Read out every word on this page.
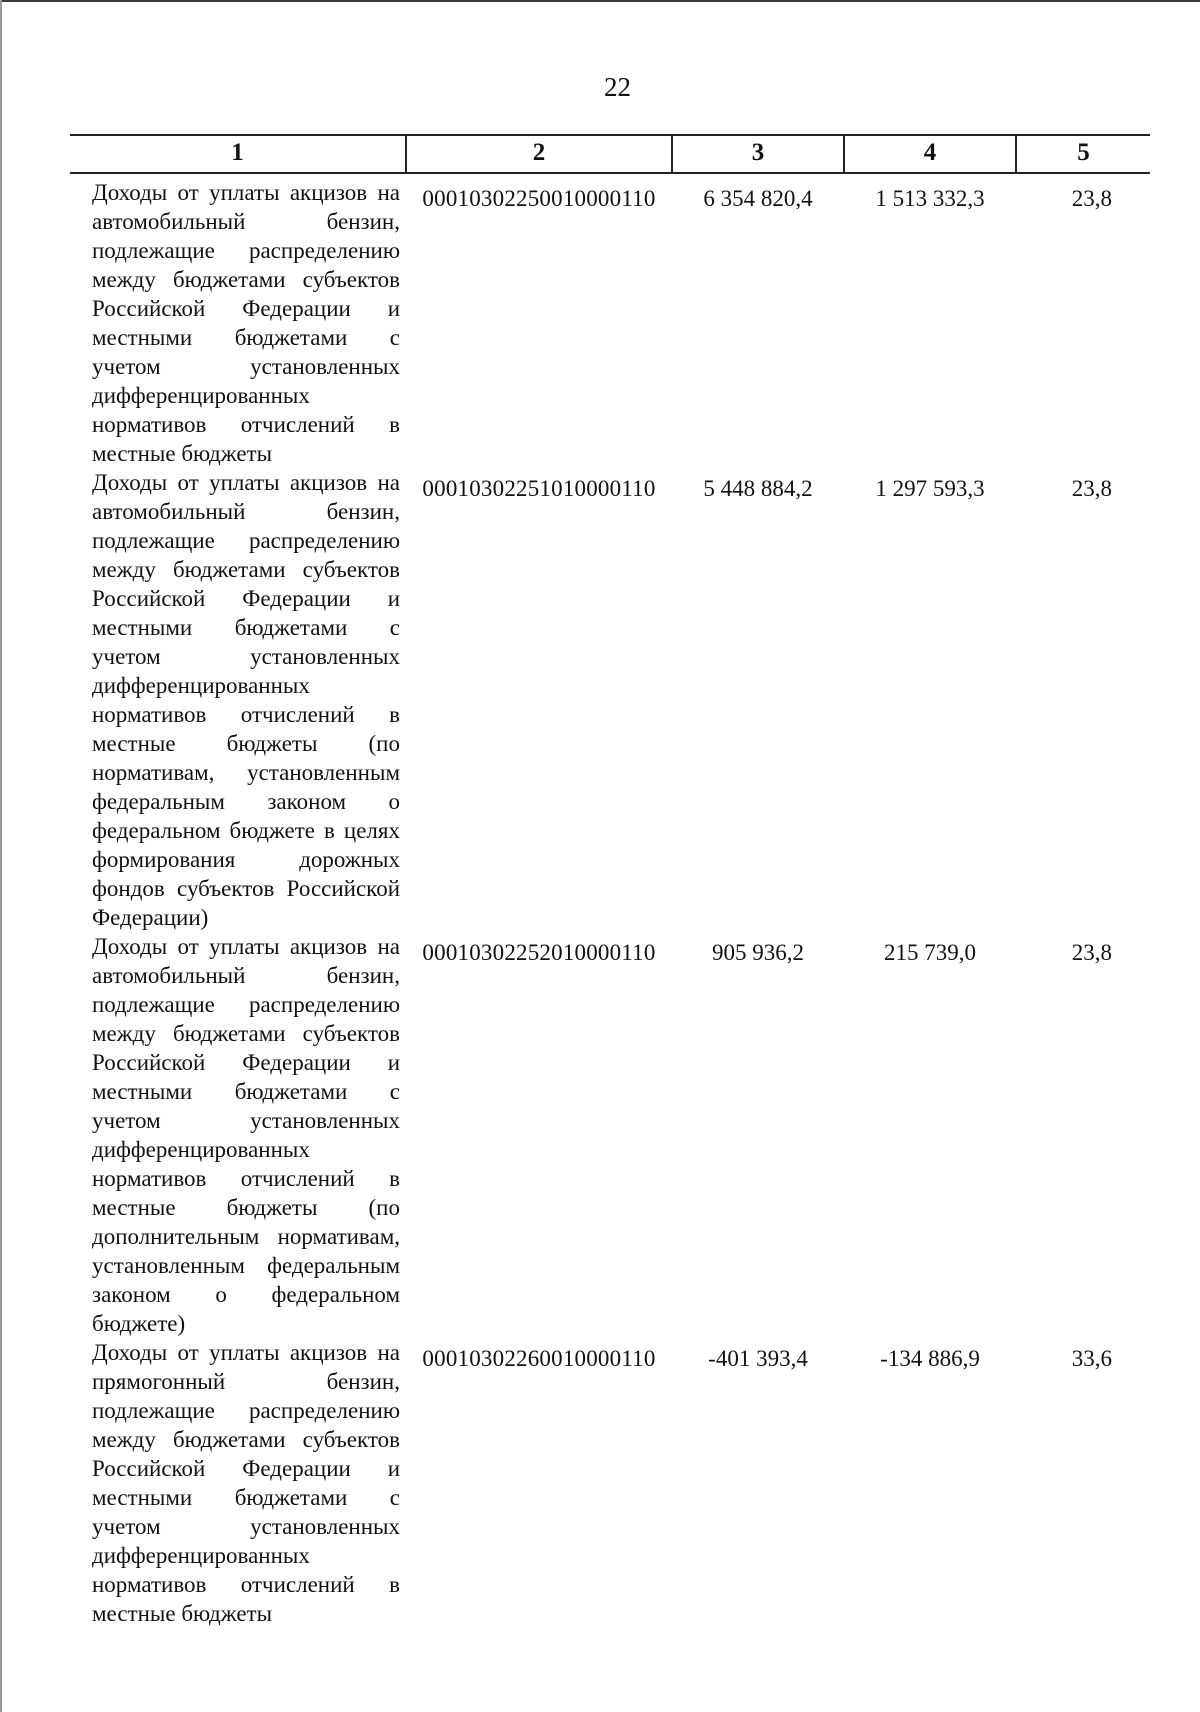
22
1	2	3	4	5

Доходы от уплаты акцизов на автомобильный бензин, подлежащие распределению между бюджетами субъектов Российской Федерации и местными бюджетами с учетом установленных дифференцированных нормативов отчислений в местные бюджеты	00010302250010000110	6 354 820,4	1 513 332,3	23,8
Доходы от уплаты акцизов на автомобильный бензин, подлежащие распределению между бюджетами субъектов Российской Федерации и местными бюджетами с учетом установленных дифференцированных нормативов отчислений в местные бюджеты (по нормативам, установленным федеральным законом о федеральном бюджете в целях формирования дорожных фондов субъектов Российской Федерации)	00010302251010000110	5 448 884,2	1 297 593,3	23,8
Доходы от уплаты акцизов на автомобильный бензин, подлежащие распределению между бюджетами субъектов Российской Федерации и местными бюджетами с учетом установленных дифференцированных нормативов отчислений в местные бюджеты (по дополнительным нормативам, установленным федеральным законом о федеральном бюджете)	00010302252010000110	905 936,2	215 739,0	23,8
Доходы от уплаты акцизов на прямогонный бензин, подлежащие распределению между бюджетами субъектов Российской Федерации и местными бюджетами с учетом установленных дифференцированных нормативов отчислений в местные бюджеты	00010302260010000110	-401 393,4	-134 886,9	33,6
